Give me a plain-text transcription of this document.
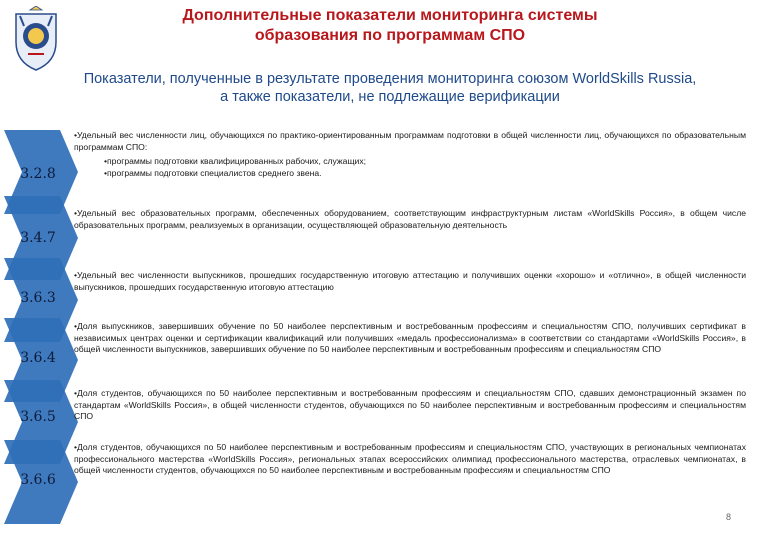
Дополнительные показатели мониторинга системы
образования по программам СПО
Показатели, полученные в результате проведения мониторинга союзом WorldSkills Russia,
а также показатели, не подлежащие верификации
3.2.8
•Удельный вес численности лиц, обучающихся по практико-ориентированным программам подготовки в общей численности лиц, обучающихся по образовательным программам СПО:
•программы подготовки квалифицированных рабочих, служащих;
•программы подготовки специалистов среднего звена.
3.4.7
•Удельный вес образовательных программ, обеспеченных оборудованием, соответствующим инфраструктурным листам «WorldSkills Россия», в общем числе образовательных программ, реализуемых в организации, осуществляющей образовательную деятельность
3.6.3
•Удельный вес численности выпускников, прошедших государственную итоговую аттестацию и получивших оценки «хорошо» и «отлично», в общей численности выпускников, прошедших государственную итоговую аттестацию
3.6.4
•Доля выпускников, завершивших обучение по 50 наиболее перспективным и востребованным профессиям и специальностям СПО, получивших сертификат в независимых центрах оценки и сертификации квалификаций или получивших «медаль профессионализма» в соответствии со стандартами «WorldSkills Россия», в общей численности выпускников, завершивших обучение по 50 наиболее перспективным и востребованным профессиям и специальностям СПО
3.6.5
•Доля студентов, обучающихся по 50 наиболее перспективным и востребованным профессиям и специальностям СПО, сдавших демонстрационный экзамен по стандартам «WorldSkills Россия», в общей численности студентов, обучающихся по 50 наиболее перспективным и востребованным профессиям и специальностям СПО
3.6.6
•Доля студентов, обучающихся по 50 наиболее перспективным и востребованным профессиям и специальностям СПО, участвующих в региональных чемпионатах профессионального мастерства «WorldSkills Россия», региональных этапах всероссийских олимпиад профессионального мастерства, отраслевых чемпионатах, в общей численности студентов, обучающихся по 50 наиболее перспективным и востребованным профессиям и специальностям СПО
8
